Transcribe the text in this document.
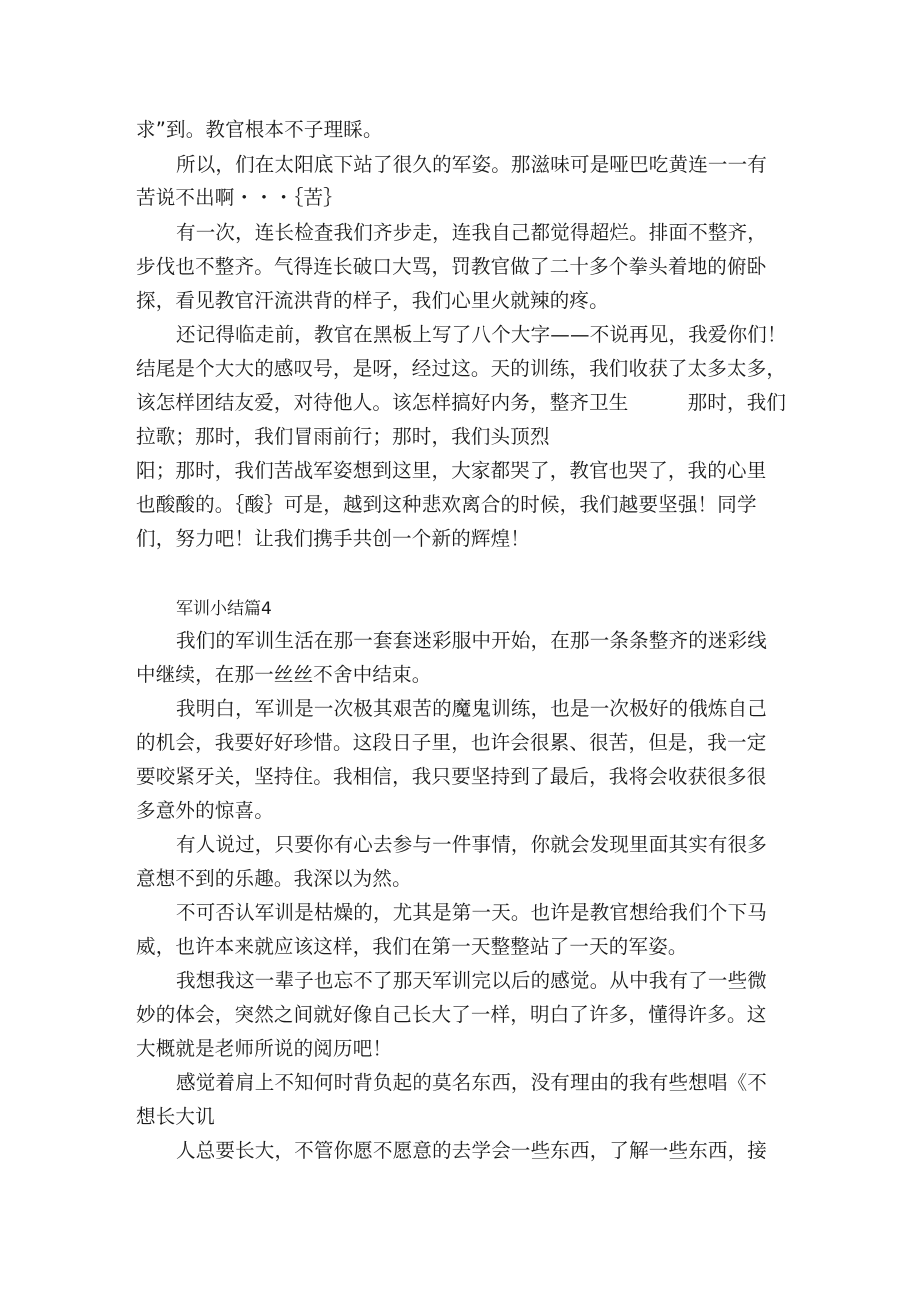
求”到。教官根本不子理睬。
所以，们在太阳底下站了很久的军姿。那滋味可是哑巴吃黄连一一有
苦说不出啊・・・｛苦｝
有一次，连长检査我们齐步走，连我自己都觉得超烂。排面不整齐，
步伐也不整齐。气得连长破口大骂，罚教官做了二十多个拳头着地的俯卧
探，看见教官汗流洪背的样子，我们心里火就辣的疼。
还记得临走前，教官在黑板上写了八个大字——不说再见，我爱你们！
结尾是个大大的感叹号，是呀，经过这。天的训练，我们收获了太多太多，
该怎样团结友爱，对待他人。该怎样搞好内务，整齐卫生　　　那时，我们
拉歌；那时，我们冒雨前行；那时，我们头顶烈
阳；那时，我们苦战军姿想到这里，大家都哭了，教官也哭了，我的心里
也酸酸的。｛酸｝可是，越到这种悲欢离合的时候，我们越要坚强！同学
们，努力吧！让我们携手共创一个新的辉煌！
军训小结篇4
我们的军训生活在那一套套迷彩服中开始，在那一条条整齐的迷彩线
中继续，在那一丝丝不舍中结束。
我明白，军训是一次极其艰苦的魔鬼训练，也是一次极好的俄炼自己
的机会，我要好好珍惜。这段日子里，也许会很累、很苦，但是，我一定
要咬紧牙关，坚持住。我相信，我只要坚持到了最后，我将会收获很多很
多意外的惊喜。
有人说过，只要你有心去参与一件事情，你就会发现里面其实有很多
意想不到的乐趣。我深以为然。
不可否认军训是枯燥的，尤其是第一天。也许是教官想给我们个下马
威，也许本来就应该这样，我们在第一天整整站了一天的军姿。
我想我这一辈子也忘不了那天军训完以后的感觉。从中我有了一些微
妙的体会，突然之间就好像自己长大了一样，明白了许多，懂得许多。这
大概就是老师所说的阅历吧！
感觉着肩上不知何时背负起的莫名东西，没有理由的我有些想唱《不
想长大讥
人总要长大，不管你愿不愿意的去学会一些东西，了解一些东西，接
